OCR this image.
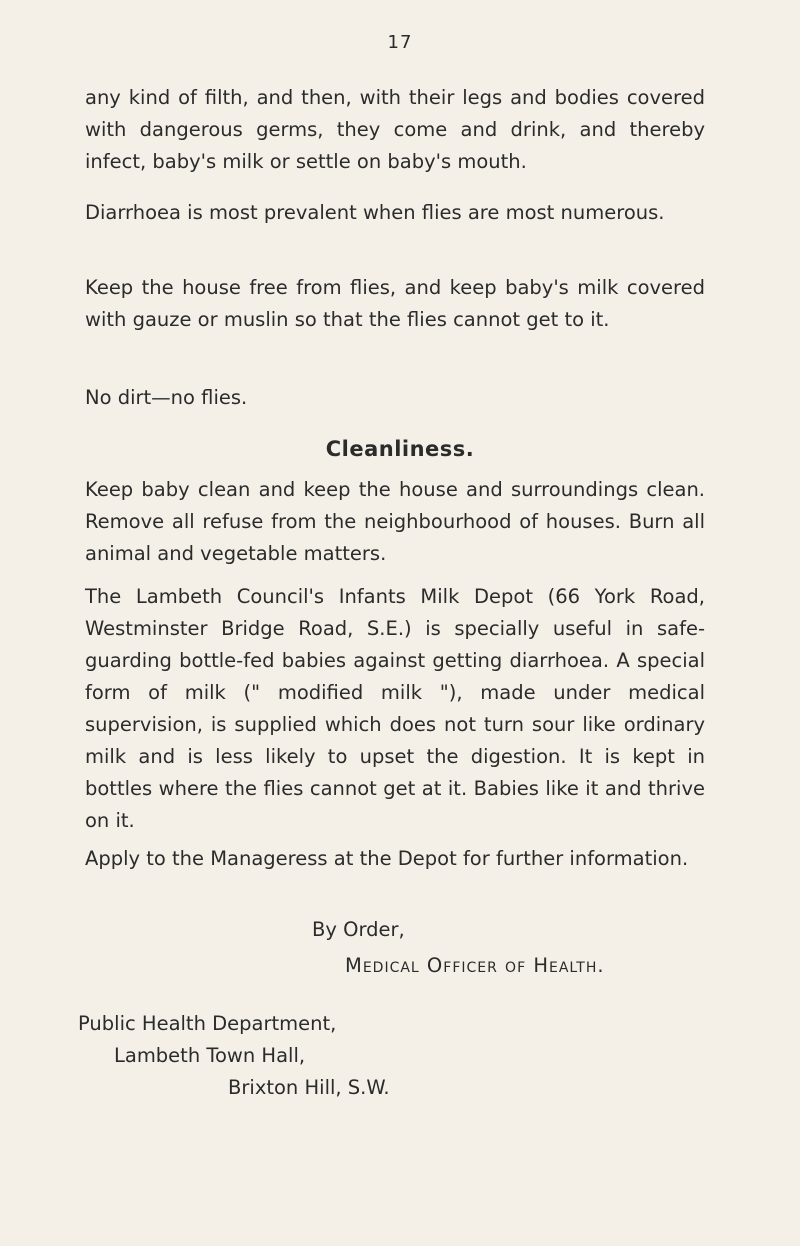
17

any kind of filth, and then, with their legs and bodies covered with dangerous germs, they come and drink, and thereby infect, baby's milk or settle on baby's mouth.

Diarrhoea is most prevalent when flies are most numerous.

Keep the house free from flies, and keep baby's milk covered with gauze or muslin so that the flies cannot get to it.

No dirt—no flies.

Cleanliness.

Keep baby clean and keep the house and surroundings clean. Remove all refuse from the neighbourhood of houses. Burn all animal and vegetable matters.

The Lambeth Council's Infants Milk Depot (66 York Road, Westminster Bridge Road, S.E.) is specially useful in safe-guarding bottle-fed babies against getting diarrhoea. A special form of milk (" modified milk "), made under medical supervision, is supplied which does not turn sour like ordinary milk and is less likely to upset the digestion. It is kept in bottles where the flies cannot get at it. Babies like it and thrive on it.

Apply to the Manageress at the Depot for further information.

By Order,
Medical Officer of Health.
Public Health Department,
Lambeth Town Hall,
Brixton Hill, S.W.
